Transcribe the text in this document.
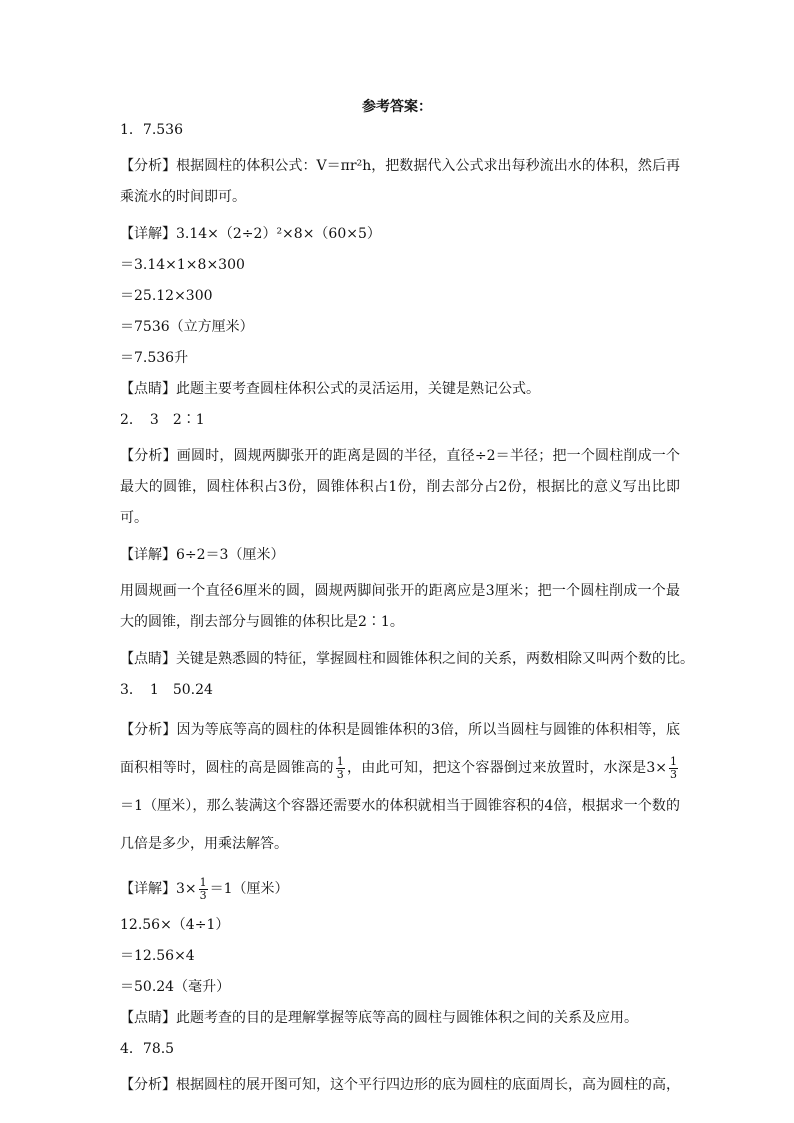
参考答案：
1．7.536
【分析】根据圆柱的体积公式：V＝πr²h，把数据代入公式求出每秒流出水的体积，然后再乘流水的时间即可。
【详解】3.14×（2÷2）²×8×（60×5）
＝3.14×1×8×300
＝25.12×300
＝7536（立方厘米）
＝7.536升
【点睛】此题主要考查圆柱体积公式的灵活运用，关键是熟记公式。
2．　3　2∶1
【分析】画圆时，圆规两脚张开的距离是圆的半径，直径÷2＝半径；把一个圆柱削成一个最大的圆锥，圆柱体积占3份，圆锥体积占1份，削去部分占2份，根据比的意义写出比即可。
【详解】6÷2＝3（厘米）
用圆规画一个直径6厘米的圆，圆规两脚间张开的距离应是3厘米；把一个圆柱削成一个最大的圆锥，削去部分与圆锥的体积比是2∶1。
【点睛】关键是熟悉圆的特征，掌握圆柱和圆锥体积之间的关系，两数相除又叫两个数的比。
3．　1　50.24
【分析】因为等底等高的圆柱的体积是圆锥体积的3倍，所以当圆柱与圆锥的体积相等，底面积相等时，圆柱的高是圆锥高的 $\frac{1}{3}$ ，由此可知，把这个容器倒过来放置时，水深是$3\times \frac{1}{3}$
＝1（厘米），那么装满这个容器还需要水的体积就相当于圆锥容积的4倍，根据求一个数的几倍是多少，用乘法解答。
【详解】$3\times \frac{1}{3} =1$（厘米）
12.56×（4÷1）
＝12.56×4
＝50.24（毫升）
【点睛】此题考查的目的是理解掌握等底等高的圆柱与圆锥体积之间的关系及应用。
4．78.5
【分析】根据圆柱的展开图可知，这个平行四边形的底为圆柱的底面周长，高为圆柱的高，
